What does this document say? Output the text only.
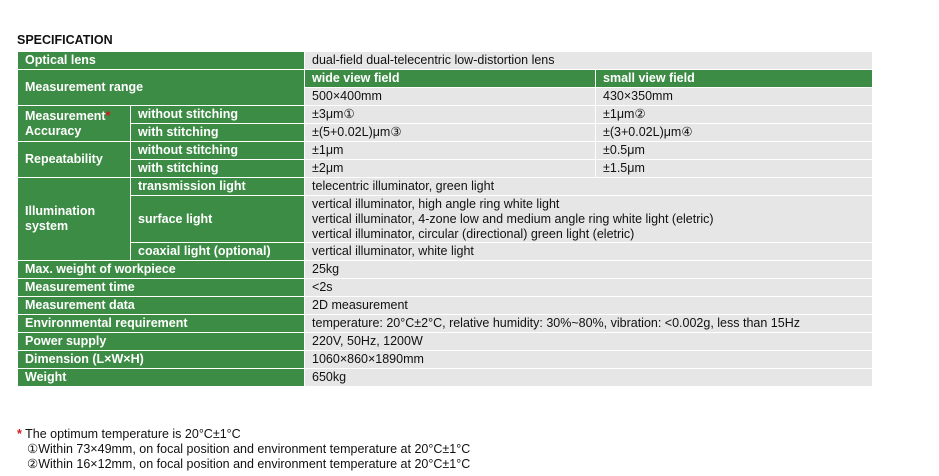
SPECIFICATION
Optical lens		dual-field dual-telecentric low-distortion lens	
Measurement range		wide view field	small view field
		500×400mm	430×350mm
Measurement*
Accuracy	without stitching	±3μm①	±1μm②
	with stitching	±(5+0.02L)μm③	±(3+0.02L)μm④
Repeatability	without stitching	±1μm	±0.5μm
	with stitching	±2μm	±1.5μm
Illumination
system	transmission light	telecentric illuminator, green light	
	surface light	vertical illuminator, high angle ring white light
vertical illuminator, 4-zone low and medium angle ring white light (eletric)
vertical illuminator, circular (directional) green light (eletric)	

	coaxial light (optional)	vertical illuminator, white light	
Max. weight of workpiece		25kg	
Measurement time		<2s	
Measurement data		2D measurement	
Environmental requirement		temperature: 20°C±2°C, relative humidity: 30%~80%, vibration: <0.002g, less than 15Hz	
Power supply		220V, 50Hz, 1200W	
Dimension (L×W×H)		1060×860×1890mm	
Weight		650kg	
* The optimum temperature is 20°C±1°C
①Within 73×49mm, on focal position and environment temperature at 20°C±1°C
②Within 16×12mm, on focal position and environment temperature at 20°C±1°C
